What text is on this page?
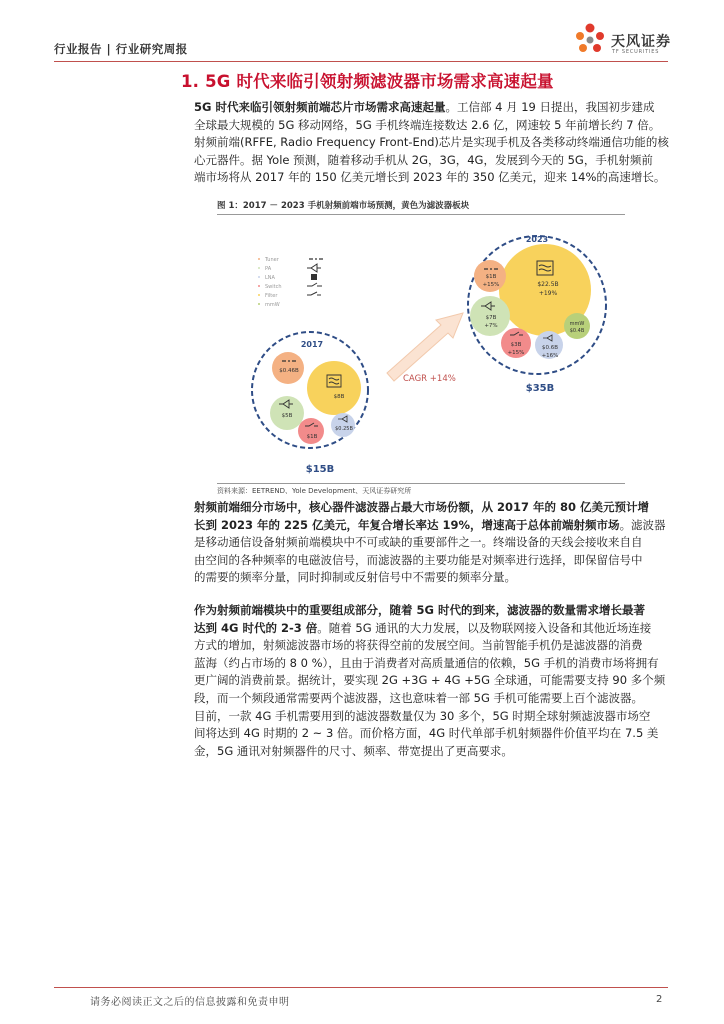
行业报告 | 行业研究周报	天风证券
TF SECURITIES
1. 5G 时代来临引领射频滤波器市场需求高速起量
5G 时代来临引领射频前端芯片市场需求高速起量。工信部 4 月 19 日提出，我国初步建成
全球最大规模的 5G 移动网络，5G 手机终端连接数达 2.6 亿，网速较 5 年前增长约 7 倍。
射频前端(RFFE, Radio Frequency Front-End)芯片是实现手机及各类移动终端通信功能的核
心元器件。据 Yole 预测，随着移动手机从 2G，3G，4G，发展到今天的 5G，手机射频前
端市场将从 2017 年的 150 亿美元增长到 2023 年的 350 亿美元，迎来 14%的高速增长。
图 1：2017 － 2023 手机射频前端市场预测，黄色为滤波器板块
Tuner
PA
LNA
Switch
Filter
mmW
CAGR +14%
2017
$8B
$5B
$0.46B
$1B
$0.25B
$15B
2023
$22.5B
+19%
$7B
+7%
$1B
+15%
$3B
+15%
$0.6B
+16%
mmW
$0.4B
$35B
资料来源：EETREND、Yole Development、天风证券研究所
射频前端细分市场中，核心器件滤波器占最大市场份额，从 2017 年的 80 亿美元预计增
长到 2023 年的 225 亿美元，年复合增长率达 19%，增速高于总体前端射频市场。滤波器
是移动通信设备射频前端模块中不可或缺的重要部件之一。终端设备的天线会接收来自自
由空间的各种频率的电磁波信号，而滤波器的主要功能是对频率进行选择，即保留信号中
的需要的频率分量，同时抑制或反射信号中不需要的频率分量。
作为射频前端模块中的重要组成部分，随着 5G 时代的到来，滤波器的数量需求增长最著
达到 4G 时代的 2-3 倍。随着 5G 通讯的大力发展，以及物联网接入设备和其他近场连接
方式的增加，射频滤波器市场的将获得空前的发展空间。当前智能手机仍是滤波器的消费
蓝海（约占市场的 8 0 %），且由于消费者对高质量通信的依赖，5G 手机的消费市场将拥有
更广阔的消费前景。据统计，要实现 2G +3G + 4G +5G 全球通，可能需要支持 90 多个频
段，而一个频段通常需要两个滤波器，这也意味着一部 5G 手机可能需要上百个滤波器。
目前，一款 4G 手机需要用到的滤波器数量仅为 30 多个，5G 时期全球射频滤波器市场空
间将达到 4G 时期的 2 ~ 3 倍。而价格方面，4G 时代单部手机射频器件价值平均在 7.5 美
金，5G 通讯对射频器件的尺寸、频率、带宽提出了更高要求。

请务必阅读正文之后的信息披露和免责申明	2
